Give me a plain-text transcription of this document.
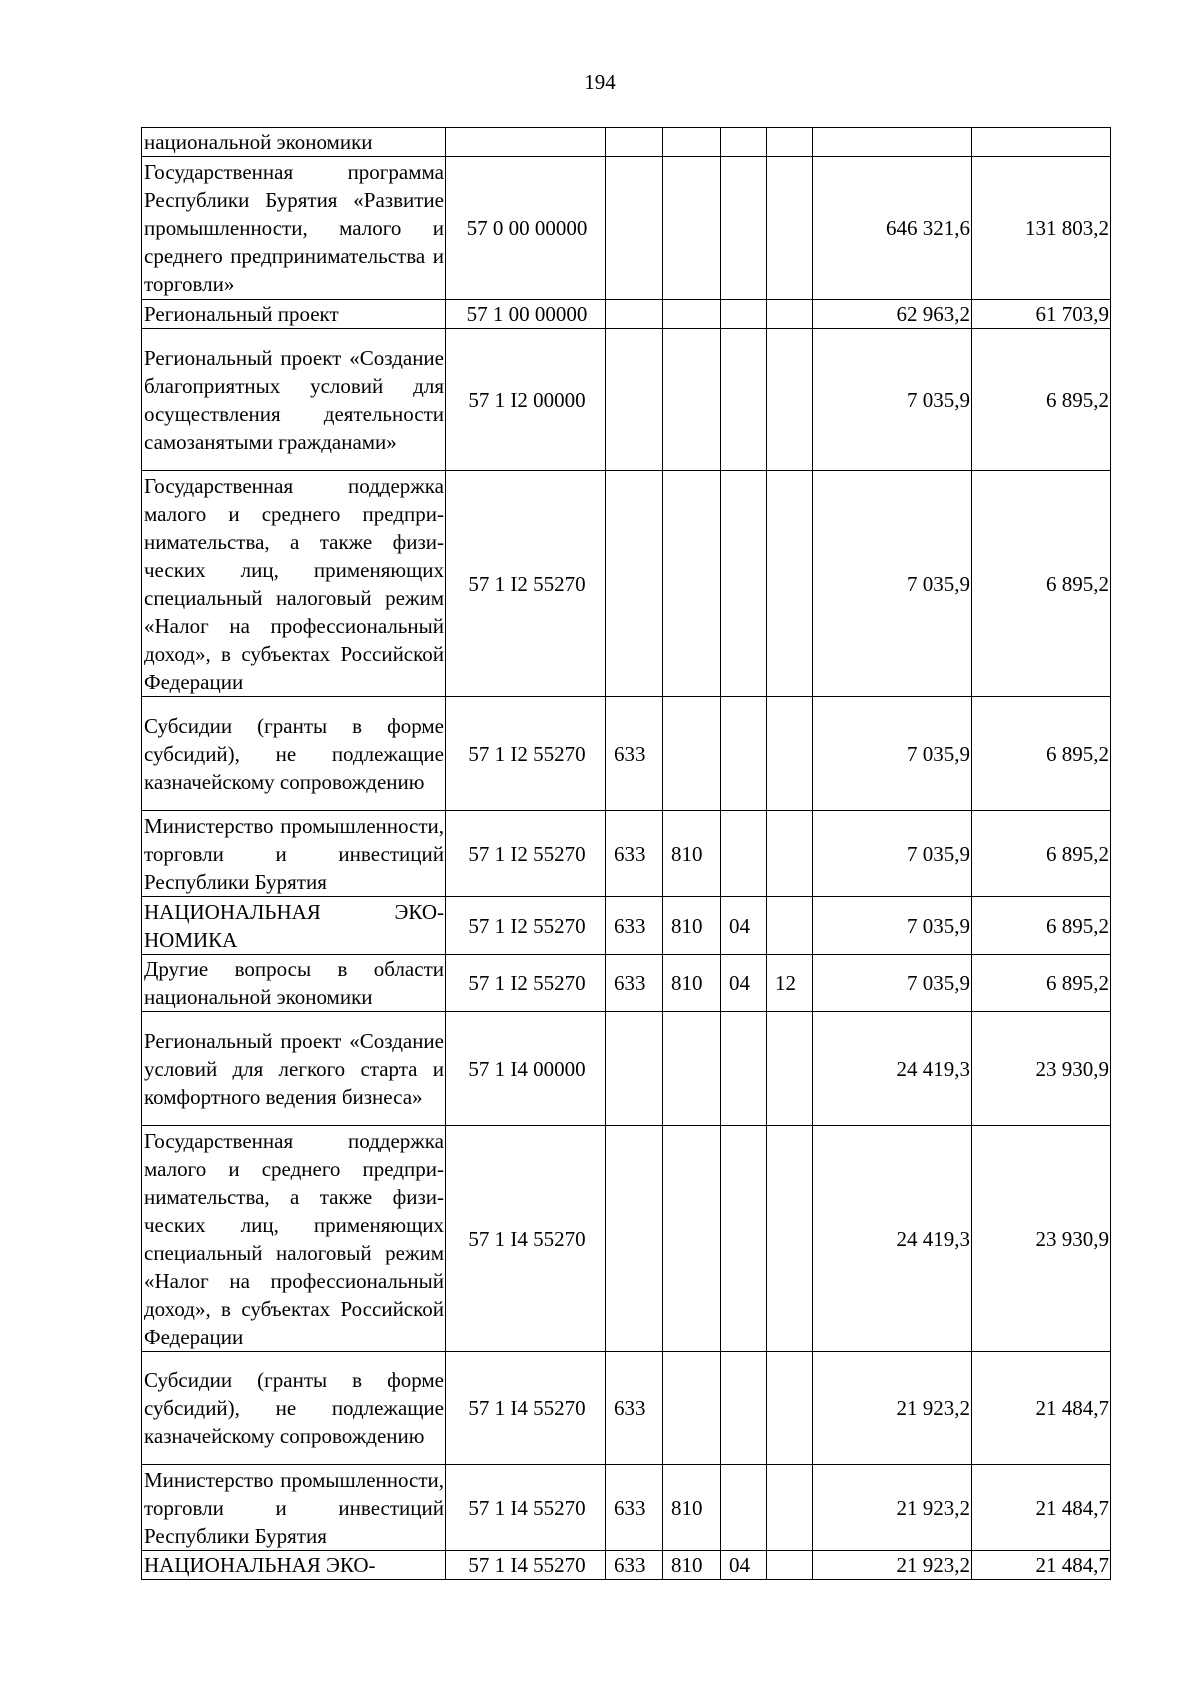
194
национальной экономики							
Государственная программа Республики Бурятия «Развитие промышленности, малого и среднего предпринимательства и торговли»	57 0 00 00000					646 321,6	131 803,2
Региональный проект	57 1 00 00000					62 963,2	61 703,9
Региональный проект «Создание благоприятных условий для осуществления деятельности самозанятыми гражданами»	57 1 I2 00000					7 035,9	6 895,2
Государственная поддержка малого и среднего предпринимательства, а также физических лиц, применяющих специальный налоговый режим «Налог на профессиональный доход», в субъектах Российской Федерации	57 1 I2 55270					7 035,9	6 895,2
Субсидии (гранты в форме субсидий), не подлежащие казначейскому сопровождению	57 1 I2 55270	633				7 035,9	6 895,2
Министерство промышленности, торговли и инвестиций Республики Бурятия	57 1 I2 55270	633	810			7 035,9	6 895,2
НАЦИОНАЛЬНАЯ ЭКОНОМИКА	57 1 I2 55270	633	810	04		7 035,9	6 895,2
Другие вопросы в области национальной экономики	57 1 I2 55270	633	810	04	12	7 035,9	6 895,2
Региональный проект «Создание условий для легкого старта и комфортного ведения бизнеса»	57 1 I4 00000					24 419,3	23 930,9
Государственная поддержка малого и среднего предпринимательства, а также физических лиц, применяющих специальный налоговый режим «Налог на профессиональный доход», в субъектах Российской Федерации	57 1 I4 55270					24 419,3	23 930,9
Субсидии (гранты в форме субсидий), не подлежащие казначейскому сопровождению	57 1 I4 55270	633				21 923,2	21 484,7
Министерство промышленности, торговли и инвестиций Республики Бурятия	57 1 I4 55270	633	810			21 923,2	21 484,7
НАЦИОНАЛЬНАЯ ЭКО-	57 1 I4 55270	633	810	04		21 923,2	21 484,7
